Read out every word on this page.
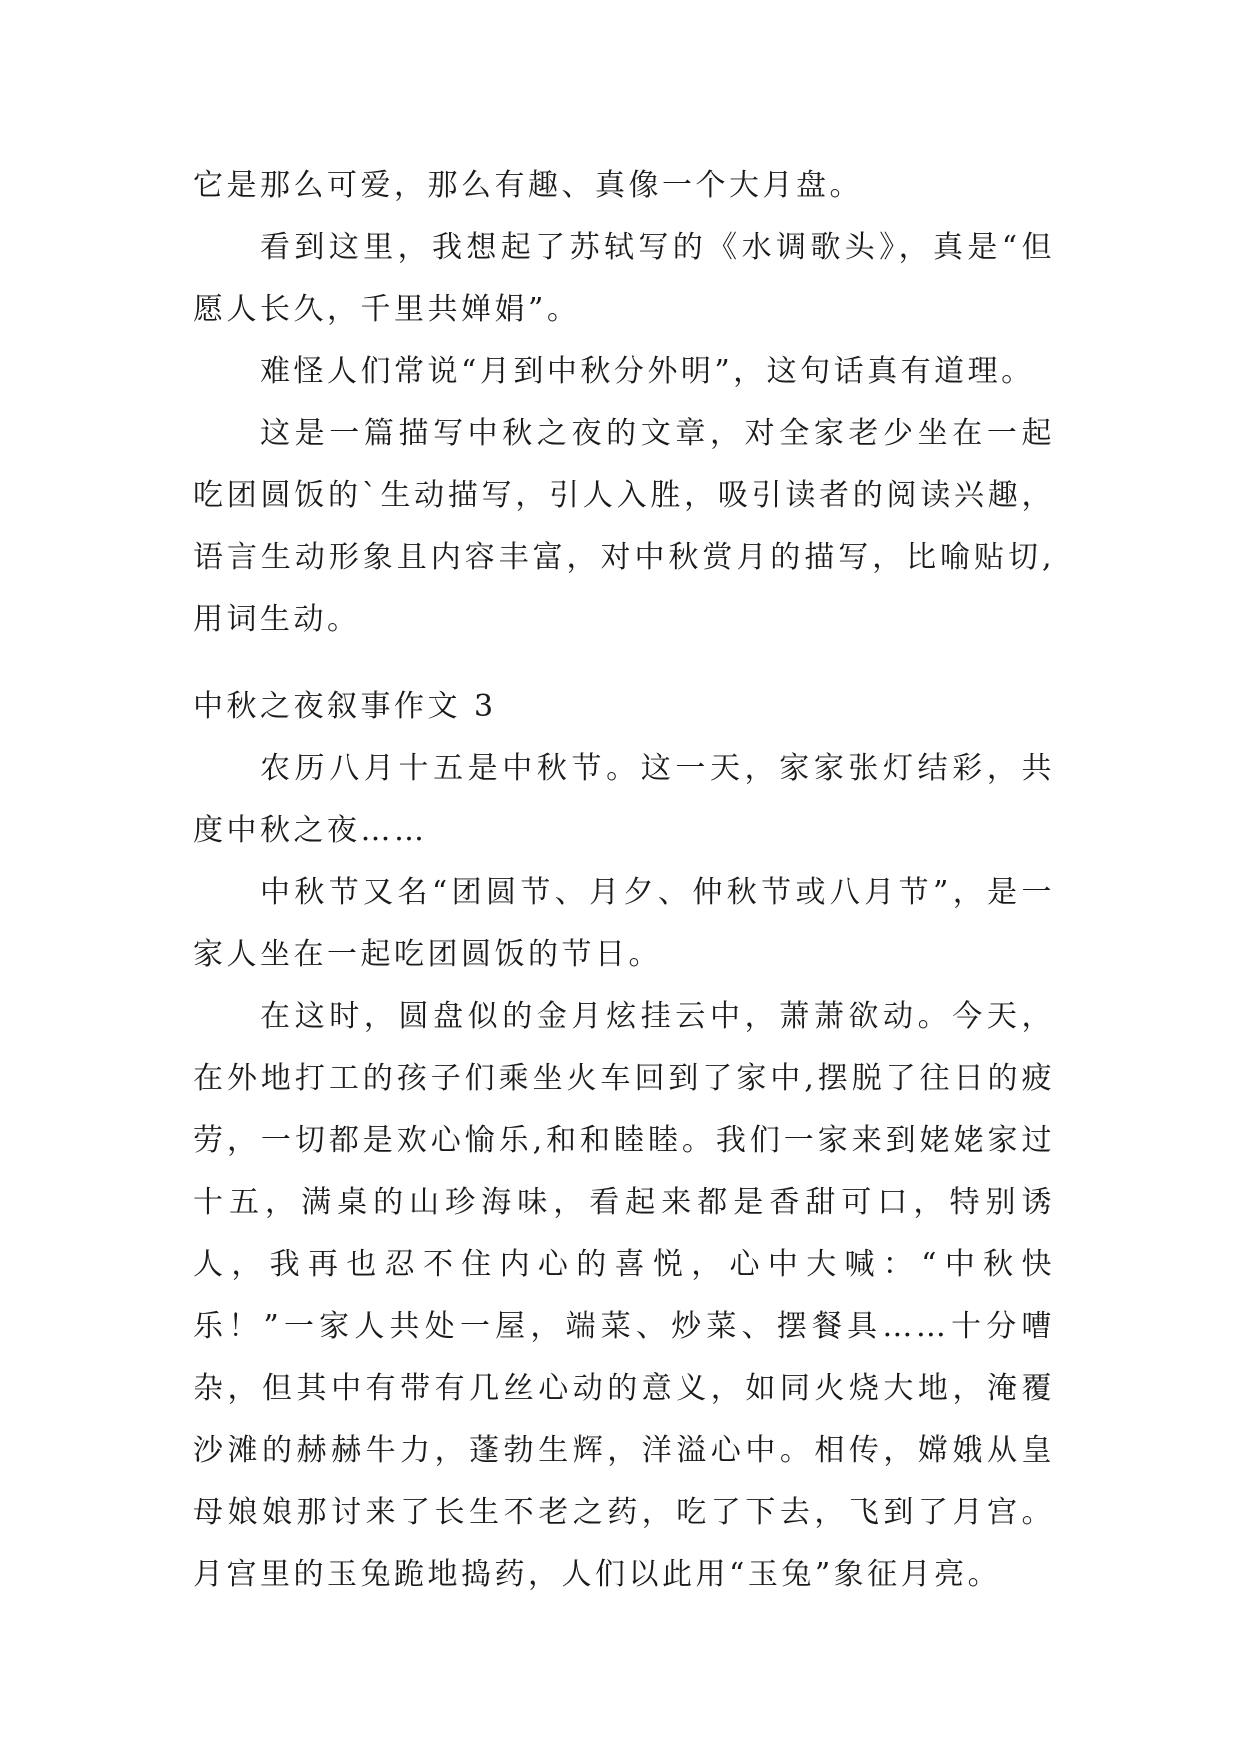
它是那么可爱，那么有趣、真像一个大月盘。

看到这里，我想起了苏轼写的《水调歌头》，真是“但愿人长久，千里共婵娟”。

难怪人们常说“月到中秋分外明”，这句话真有道理。

这是一篇描写中秋之夜的文章，对全家老少坐在一起吃团圆饭的`生动描写，引人入胜，吸引读者的阅读兴趣，语言生动形象且内容丰富，对中秋赏月的描写，比喻贴切,用词生动。

中秋之夜叙事作文 3

农历八月十五是中秋节。这一天，家家张灯结彩，共度中秋之夜……

中秋节又名“团圆节、月夕、仲秋节或八月节”，是一家人坐在一起吃团圆饭的节日。

在这时，圆盘似的金月炫挂云中，萧萧欲动。今天，在外地打工的孩子们乘坐火车回到了家中,摆脱了往日的疲劳，一切都是欢心愉乐,和和睦睦。我们一家来到姥姥家过十五，满桌的山珍海味，看起来都是香甜可口，特别诱人，我再也忍不住内心的喜悦，心中大喊：“中秋快乐！”一家人共处一屋，端菜、炒菜、摆餐具……十分嘈杂，但其中有带有几丝心动的意义，如同火烧大地，淹覆沙滩的赫赫牛力，蓬勃生辉，洋溢心中。相传，嫦娥从皇母娘娘那讨来了长生不老之药，吃了下去，飞到了月宫。月宫里的玉兔跪地捣药，人们以此用“玉兔”象征月亮。
